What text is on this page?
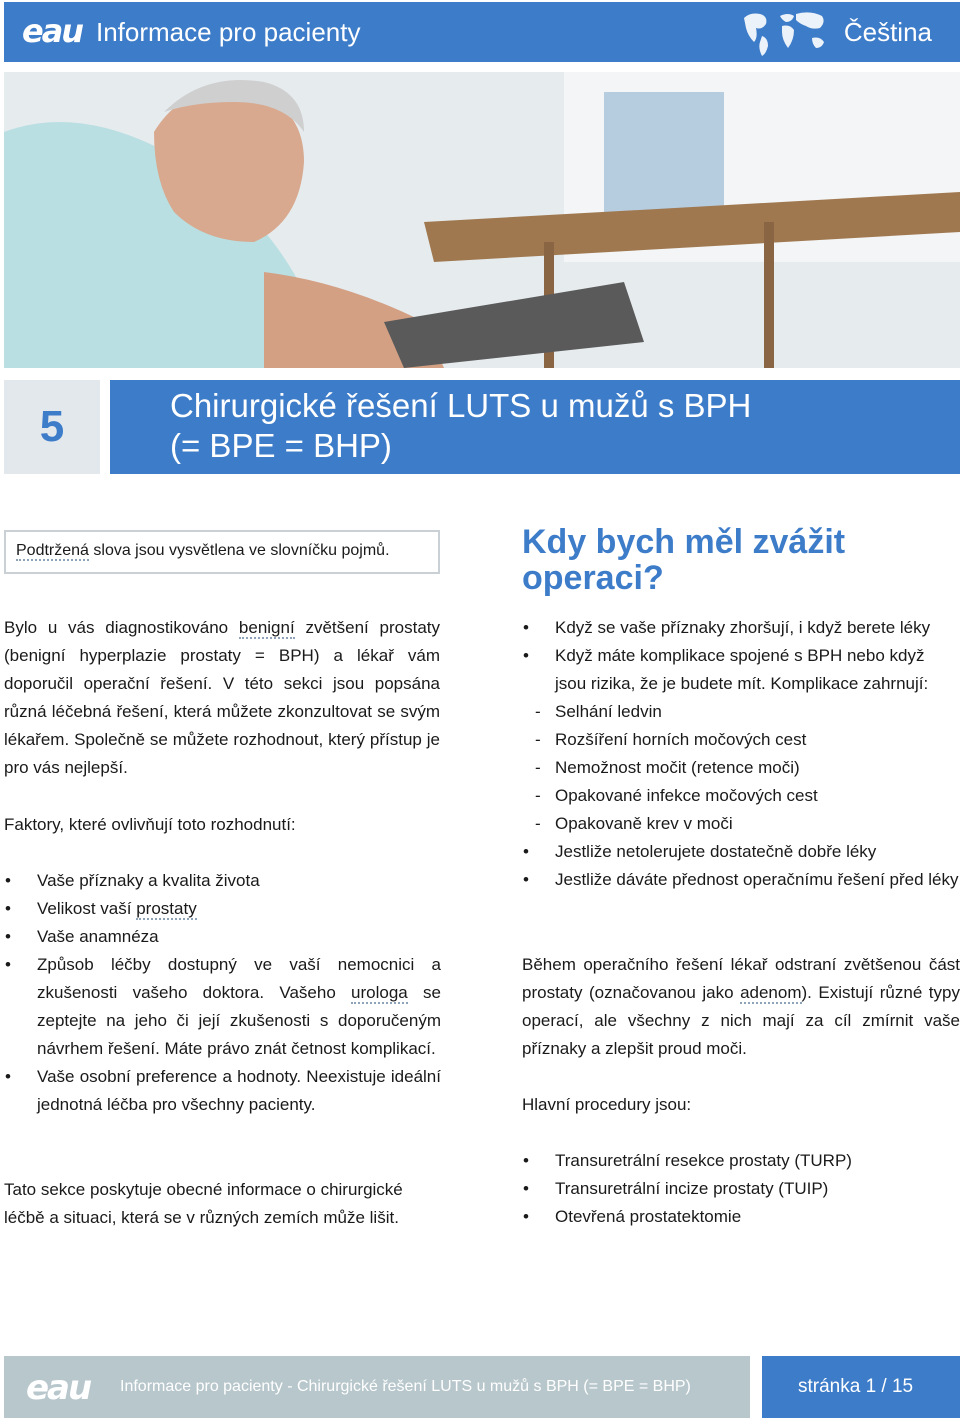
eau Informace pro pacienty	Čeština
5	Chirurgické řešení LUTS u mužů s BPH
(= BPE = BHP)
Podtržená slova jsou vysvětlena ve slovníčku pojmů.

Bylo u vás diagnostikováno benigní zvětšení prostaty (benigní hyperplazie prostaty = BPH) a lékař vám doporučil operační řešení. V této sekci jsou popsána různá léčebná řešení, která můžete zkonzultovat se svým lékařem. Společně se můžete rozhodnout, který přístup je pro vás nejlepší.

Faktory, které ovlivňují toto rozhodnutí:

• Vaše příznaky a kvalita života
• Velikost vaší prostaty
• Vaše anamnéza
• Způsob léčby dostupný ve vaší nemocnici a zkušenosti vašeho doktora. Vašeho urologa se zeptejte na jeho či její zkušenosti s doporučeným návrhem řešení. Máte právo znát četnost komplikací.
• Vaše osobní preference a hodnoty. Neexistuje ideální jednotná léčba pro všechny pacienty.

Tato sekce poskytuje obecné informace o chirurgické léčbě a situaci, která se v různých zemích může lišit.

Kdy bych měl zvážit operaci?
• Když se vaše příznaky zhoršují, i když berete léky
• Když máte komplikace spojené s BPH nebo když jsou rizika, že je budete mít. Komplikace zahrnují:
- Selhání ledvin
- Rozšíření horních močových cest
- Nemožnost močit (retence moči)
- Opakované infekce močových cest
- Opakovaně krev v moči
• Jestliže netolerujete dostatečně dobře léky
• Jestliže dáváte přednost operačnímu řešení před léky

Během operačního řešení lékař odstraní zvětšenou část prostaty (označovanou jako adenom). Existují různé typy operací, ale všechny z nich mají za cíl zmírnit vaše příznaky a zlepšit proud moči.

Hlavní procedury jsou:

• Transuretrální resekce prostaty (TURP)
• Transuretrální incize prostaty (TUIP)
• Otevřená prostatektomie
eau Informace pro pacienty - Chirurgické řešení LUTS u mužů s BPH (= BPE = BHP)	stránka 1 / 15
